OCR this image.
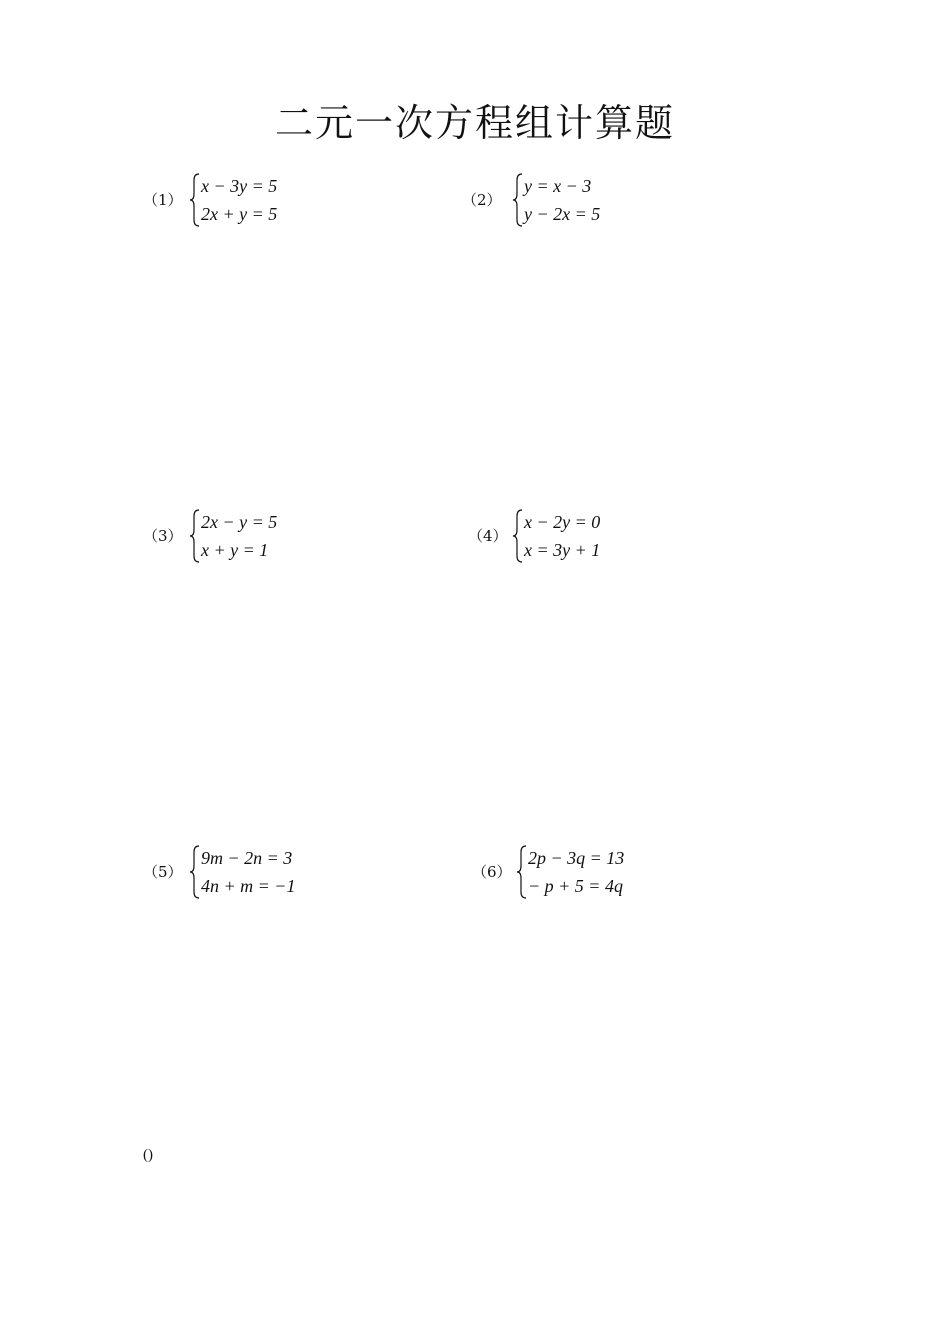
二元一次方程组计算题
（1）
x − 3y = 5
2x + y = 5
（2）
y = x − 3
y − 2x = 5
（3）
2x − y = 5
x + y = 1
（4）
x − 2y = 0
x = 3y + 1
（5）
9m − 2n = 3
4n + m = −1
（6）
2p − 3q = 13
− p + 5 = 4q
()
